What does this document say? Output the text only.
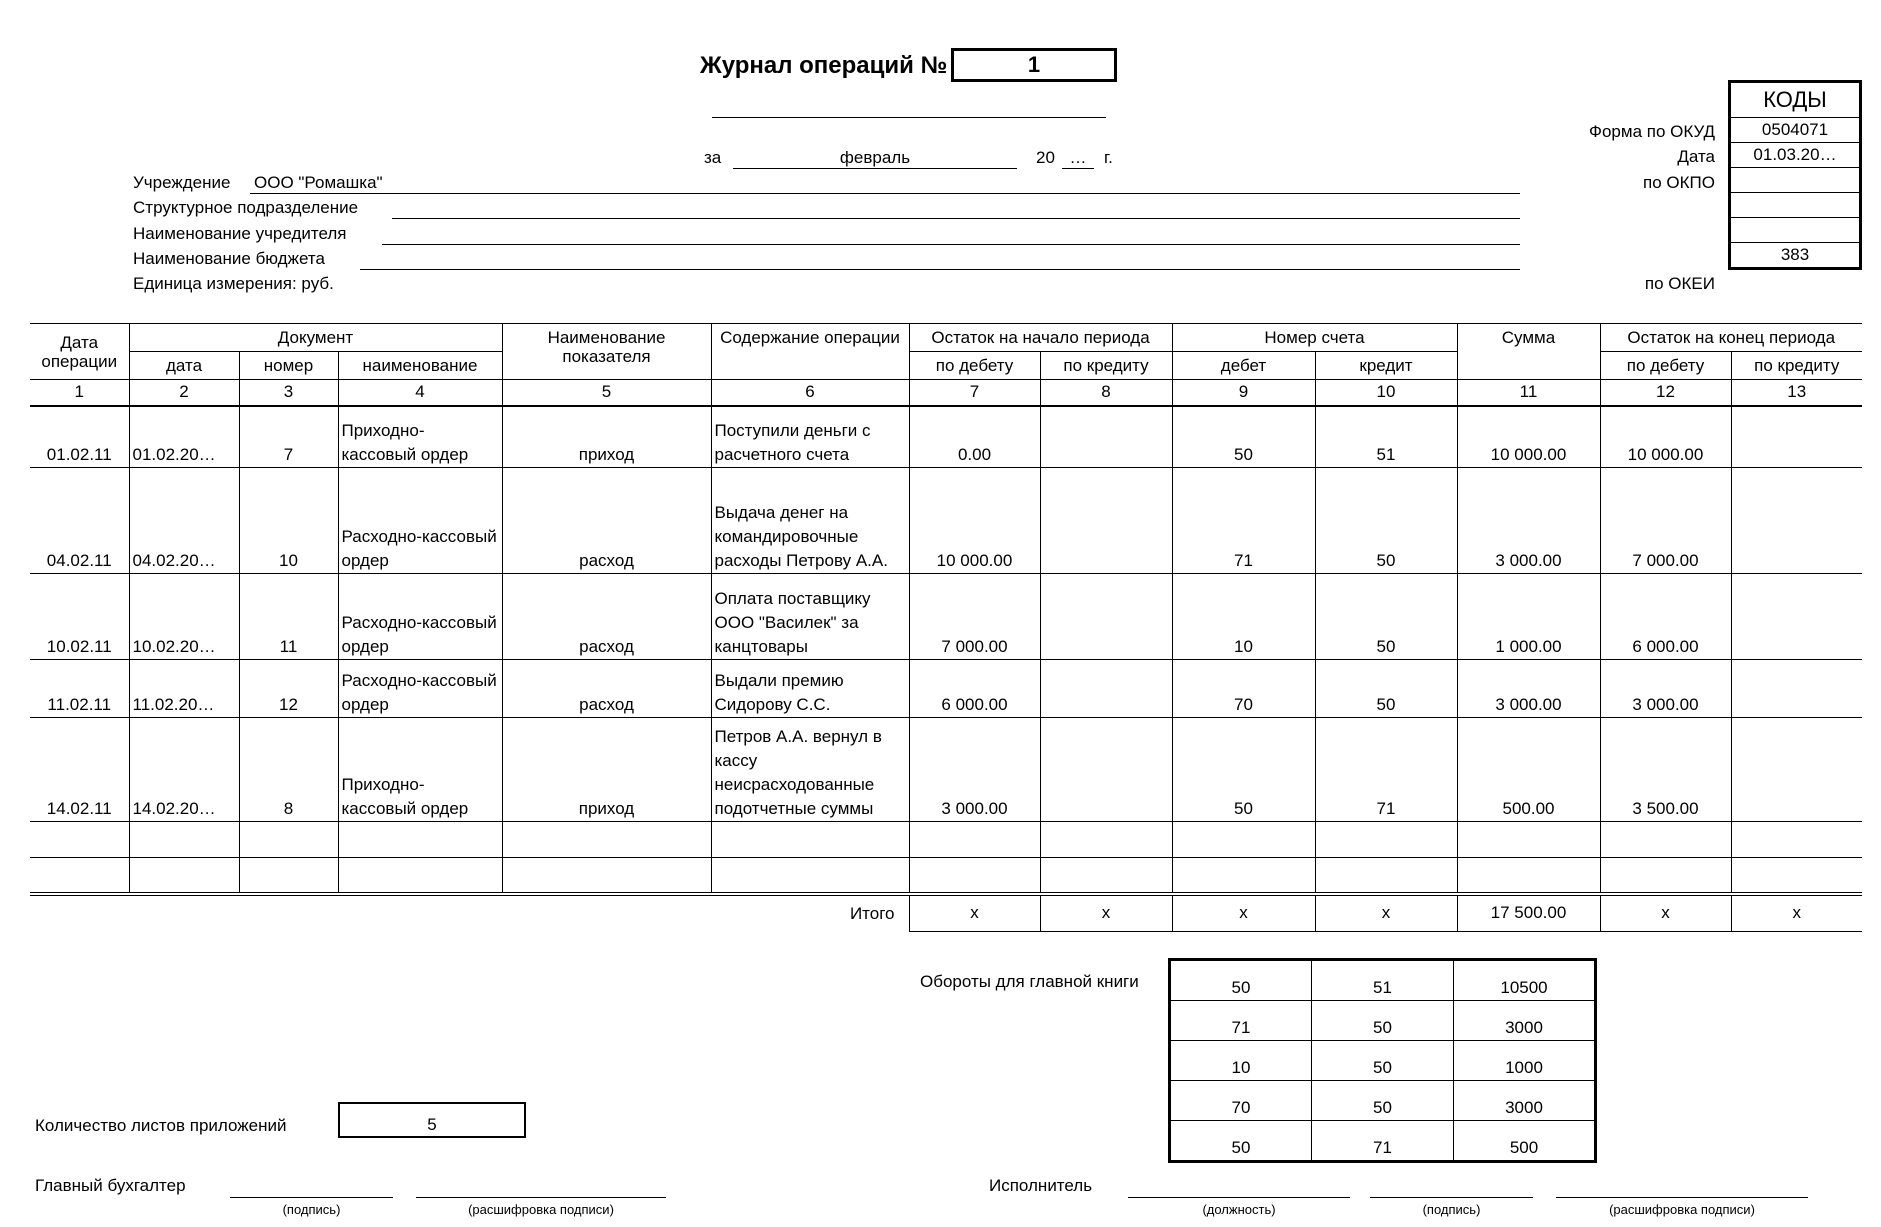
Журнал операций №	1
за	февраль	20 …	г.
Учреждение ООО "Ромашка"
Структурное подразделение
Наименование учредителя
Наименование бюджета
Единица измерения: руб.
Форма по ОКУД
Дата
по ОКПО
по ОКЕИ
КОДЫ
0504071
01.03.20…
383
Дата операции	Документ			Наименование показателя	Содержание операции	Остаток на начало периода		Номер счета		Сумма	Остаток на конец периода	
	дата	номер	наименование			по дебету	по кредиту	дебет	кредит		по дебету	по кредиту
1	2	3	4	5	6	7	8	9	10	11	12	13
01.02.11	01.02.20…	7	Приходно-кассовый ордер	приход	Поступили деньги с расчетного счета	0.00		50	51	10 000.00	10 000.00	
04.02.11	04.02.20…	10	Расходно-кассовый ордер	расход	Выдача денег на командировочные расходы Петрову А.А.	10 000.00		71	50	3 000.00	7 000.00	
10.02.11	10.02.20…	11	Расходно-кассовый ордер	расход	Оплата поставщику ООО "Василек" за канцтовары	7 000.00		10	50	1 000.00	6 000.00	
11.02.11	11.02.20…	12	Расходно-кассовый ордер	расход	Выдали премию Сидорову С.С.	6 000.00		70	50	3 000.00	3 000.00	
14.02.11	14.02.20…	8	Приходно-кассовый ордер	приход	Петров А.А. вернул в кассу неисрасходованные подотчетные суммы	3 000.00		50	71	500.00	3 500.00	

Итого						x	x	x	x	17 500.00	x	x
Обороты для главной книги	50	51	10500
71	50	3000
10	50	1000
70	50	3000
50	71	500
Количество листов приложений	5
Главный бухгалтер
(подпись)	(расшифровка подписи)
Исполнитель
(должность)	(подпись)	(расшифровка подписи)
